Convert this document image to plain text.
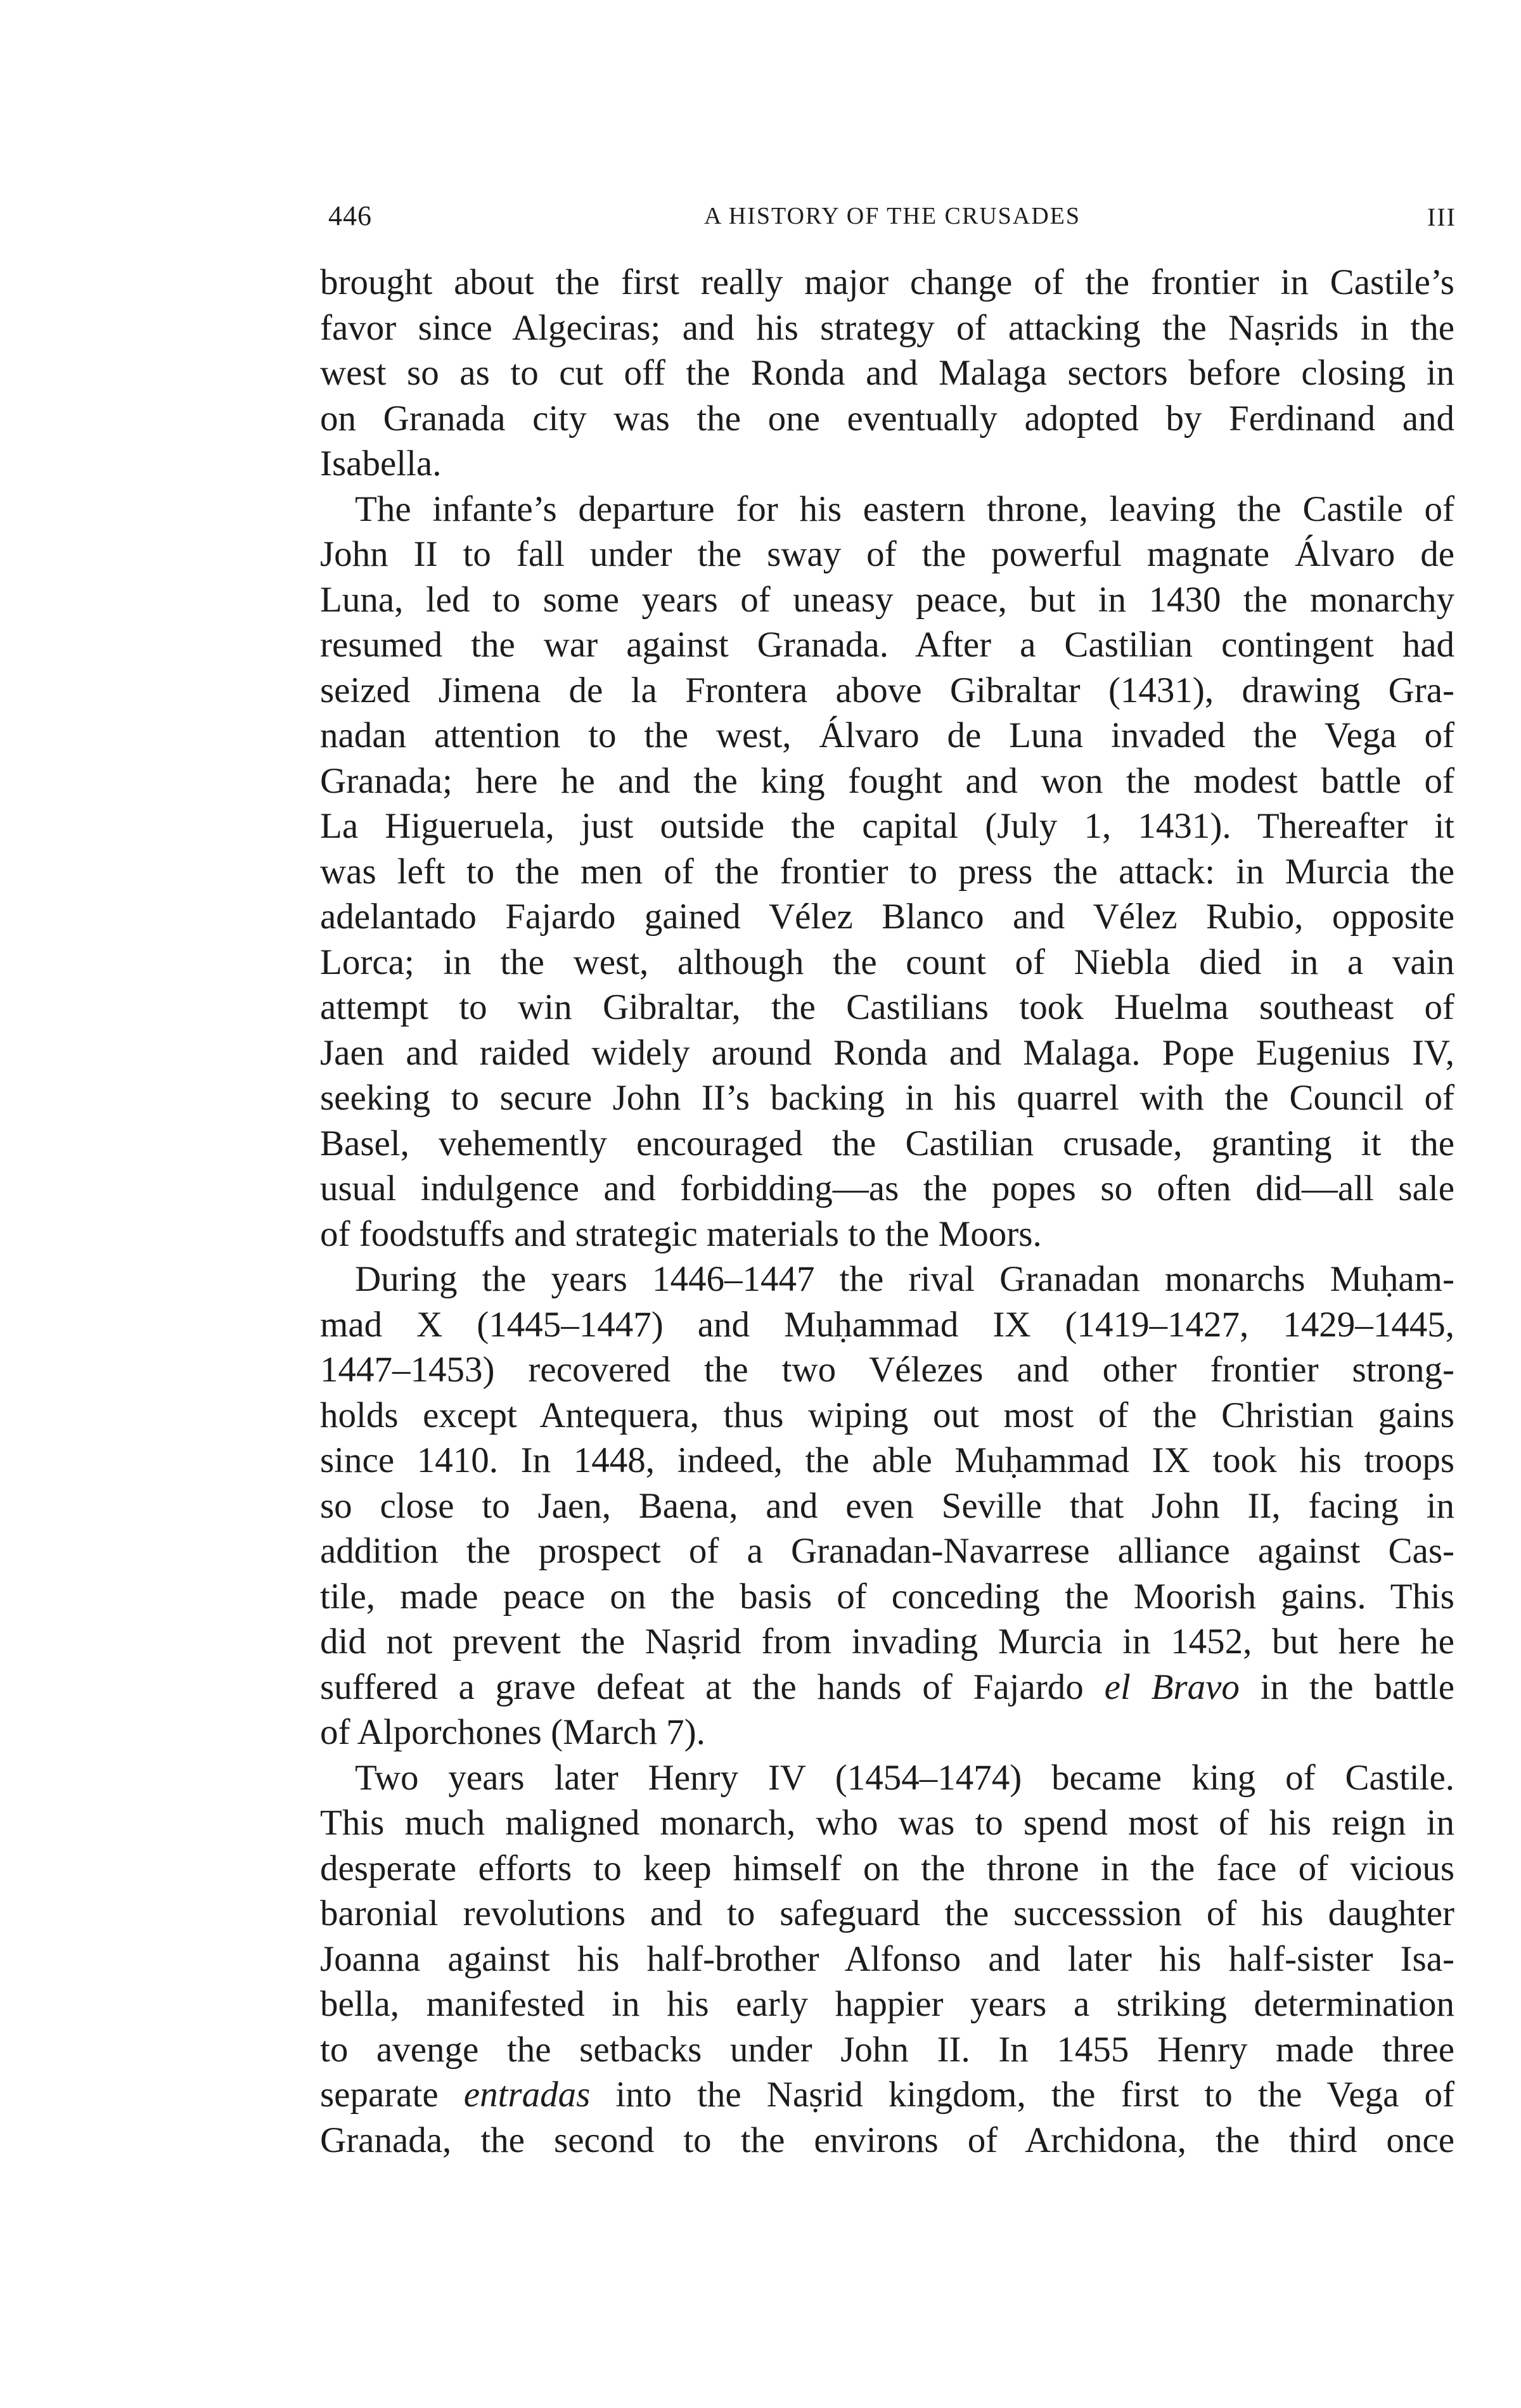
446	A HISTORY OF THE CRUSADES	III
brought about the first really major change of the frontier in Castile’s
favor since Algeciras; and his strategy of attacking the Naṣrids in the
west so as to cut off the Ronda and Malaga sectors before closing in
on Granada city was the one eventually adopted by Ferdinand and
Isabella.
The infante’s departure for his eastern throne, leaving the Castile of
John II to fall under the sway of the powerful magnate Álvaro de
Luna, led to some years of uneasy peace, but in 1430 the monarchy
resumed the war against Granada. After a Castilian contingent had
seized Jimena de la Frontera above Gibraltar (1431), drawing Gra-
nadan attention to the west, Álvaro de Luna invaded the Vega of
Granada; here he and the king fought and won the modest battle of
La Higueruela, just outside the capital (July 1, 1431). Thereafter it
was left to the men of the frontier to press the attack: in Murcia the
adelantado Fajardo gained Vélez Blanco and Vélez Rubio, opposite
Lorca; in the west, although the count of Niebla died in a vain
attempt to win Gibraltar, the Castilians took Huelma southeast of
Jaen and raided widely around Ronda and Malaga. Pope Eugenius IV,
seeking to secure John II’s backing in his quarrel with the Council of
Basel, vehemently encouraged the Castilian crusade, granting it the
usual indulgence and forbidding—as the popes so often did—all sale
of foodstuffs and strategic materials to the Moors.
During the years 1446–1447 the rival Granadan monarchs Muḥam-
mad X (1445–1447) and Muḥammad IX (1419–1427, 1429–1445,
1447–1453) recovered the two Vélezes and other frontier strong-
holds except Antequera, thus wiping out most of the Christian gains
since 1410. In 1448, indeed, the able Muḥammad IX took his troops
so close to Jaen, Baena, and even Seville that John II, facing in
addition the prospect of a Granadan-Navarrese alliance against Cas-
tile, made peace on the basis of conceding the Moorish gains. This
did not prevent the Naṣrid from invading Murcia in 1452, but here he
suffered a grave defeat at the hands of Fajardo el Bravo in the battle
of Alporchones (March 7).
Two years later Henry IV (1454–1474) became king of Castile.
This much maligned monarch, who was to spend most of his reign in
desperate efforts to keep himself on the throne in the face of vicious
baronial revolutions and to safeguard the successsion of his daughter
Joanna against his half-brother Alfonso and later his half-sister Isa-
bella, manifested in his early happier years a striking determination
to avenge the setbacks under John II. In 1455 Henry made three
separate entradas into the Naṣrid kingdom, the first to the Vega of
Granada, the second to the environs of Archidona, the third once
